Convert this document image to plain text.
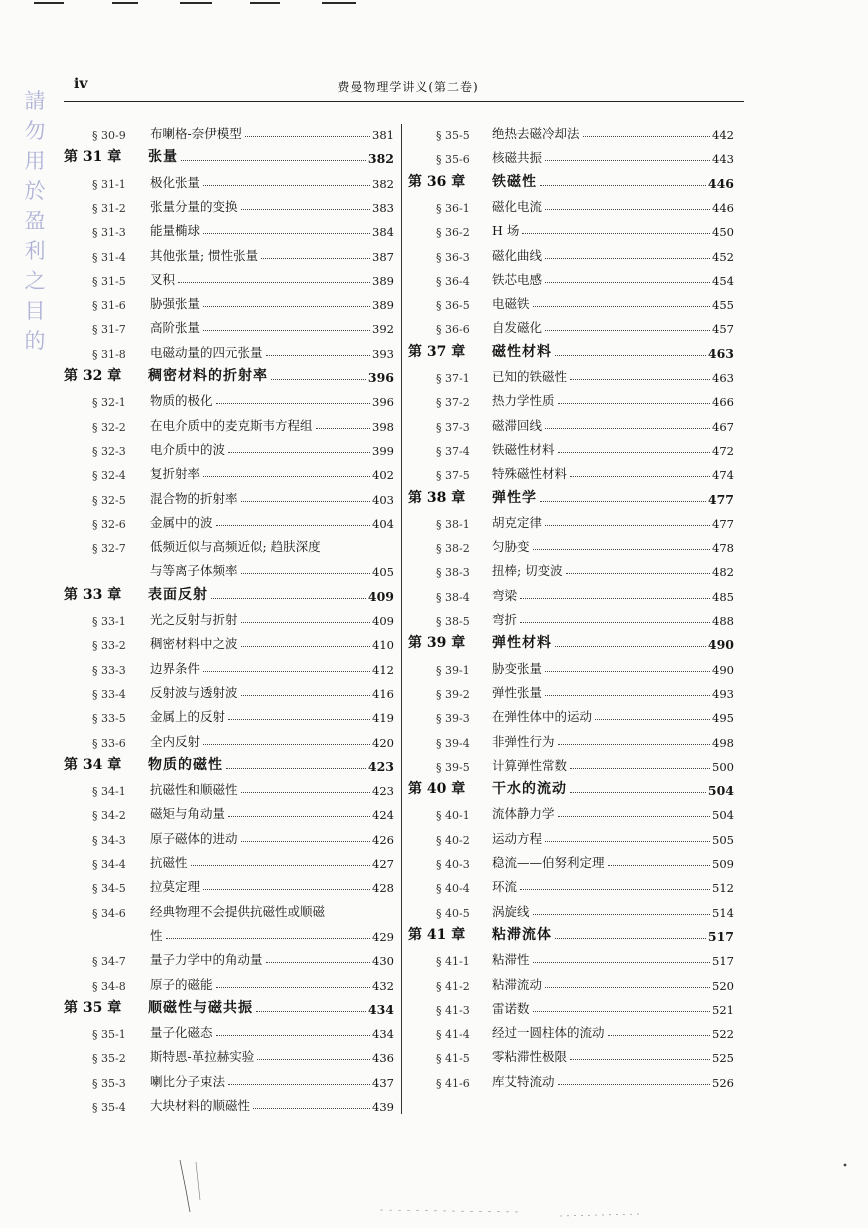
請
勿
用
於
盈
利
之
目
的
iv	费曼物理学讲义(第二卷)
§ 30-9	布喇格-奈伊模型	381
第 31 章	张量	382
§ 31-1	极化张量	382
§ 31-2	张量分量的变换	383
§ 31-3	能量椭球	384
§ 31-4	其他张量; 惯性张量	387
§ 31-5	叉积	389
§ 31-6	胁强张量	389
§ 31-7	高阶张量	392
§ 31-8	电磁动量的四元张量	393
第 32 章	稠密材料的折射率	396
§ 32-1	物质的极化	396
§ 32-2	在电介质中的麦克斯韦方程组	398
§ 32-3	电介质中的波	399
§ 32-4	复折射率	402
§ 32-5	混合物的折射率	403
§ 32-6	金属中的波	404
§ 32-7	低频近似与高频近似; 趋肤深度
与等离子体频率	405
第 33 章	表面反射	409
§ 33-1	光之反射与折射	409
§ 33-2	稠密材料中之波	410
§ 33-3	边界条件	412
§ 33-4	反射波与透射波	416
§ 33-5	金属上的反射	419
§ 33-6	全内反射	420
第 34 章	物质的磁性	423
§ 34-1	抗磁性和顺磁性	423
§ 34-2	磁矩与角动量	424
§ 34-3	原子磁体的进动	426
§ 34-4	抗磁性	427
§ 34-5	拉莫定理	428
§ 34-6	经典物理不会提供抗磁性或顺磁
性	429
§ 34-7	量子力学中的角动量	430
§ 34-8	原子的磁能	432
第 35 章	顺磁性与磁共振	434
§ 35-1	量子化磁态	434
§ 35-2	斯特恩-革拉赫实验	436
§ 35-3	喇比分子束法	437
§ 35-4	大块材料的顺磁性	439
§ 35-5	绝热去磁冷却法	442
§ 35-6	核磁共振	443
第 36 章	铁磁性	446
§ 36-1	磁化电流	446
§ 36-2	H 场	450
§ 36-3	磁化曲线	452
§ 36-4	铁芯电感	454
§ 36-5	电磁铁	455
§ 36-6	自发磁化	457
第 37 章	磁性材料	463
§ 37-1	已知的铁磁性	463
§ 37-2	热力学性质	466
§ 37-3	磁滞回线	467
§ 37-4	铁磁性材料	472
§ 37-5	特殊磁性材料	474
第 38 章	弹性学	477
§ 38-1	胡克定律	477
§ 38-2	匀胁变	478
§ 38-3	扭棒; 切变波	482
§ 38-4	弯梁	485
§ 38-5	弯折	488
第 39 章	弹性材料	490
§ 39-1	胁变张量	490
§ 39-2	弹性张量	493
§ 39-3	在弹性体中的运动	495
§ 39-4	非弹性行为	498
§ 39-5	计算弹性常数	500
第 40 章	干水的流动	504
§ 40-1	流体静力学	504
§ 40-2	运动方程	505
§ 40-3	稳流——伯努利定理	509
§ 40-4	环流	512
§ 40-5	涡旋线	514
第 41 章	粘滞流体	517
§ 41-1	粘滞性	517
§ 41-2	粘滞流动	520
§ 41-3	雷诺数	521
§ 41-4	经过一圆柱体的流动	522
§ 41-5	零粘滞性极限	525
§ 41-6	库艾特流动	526
